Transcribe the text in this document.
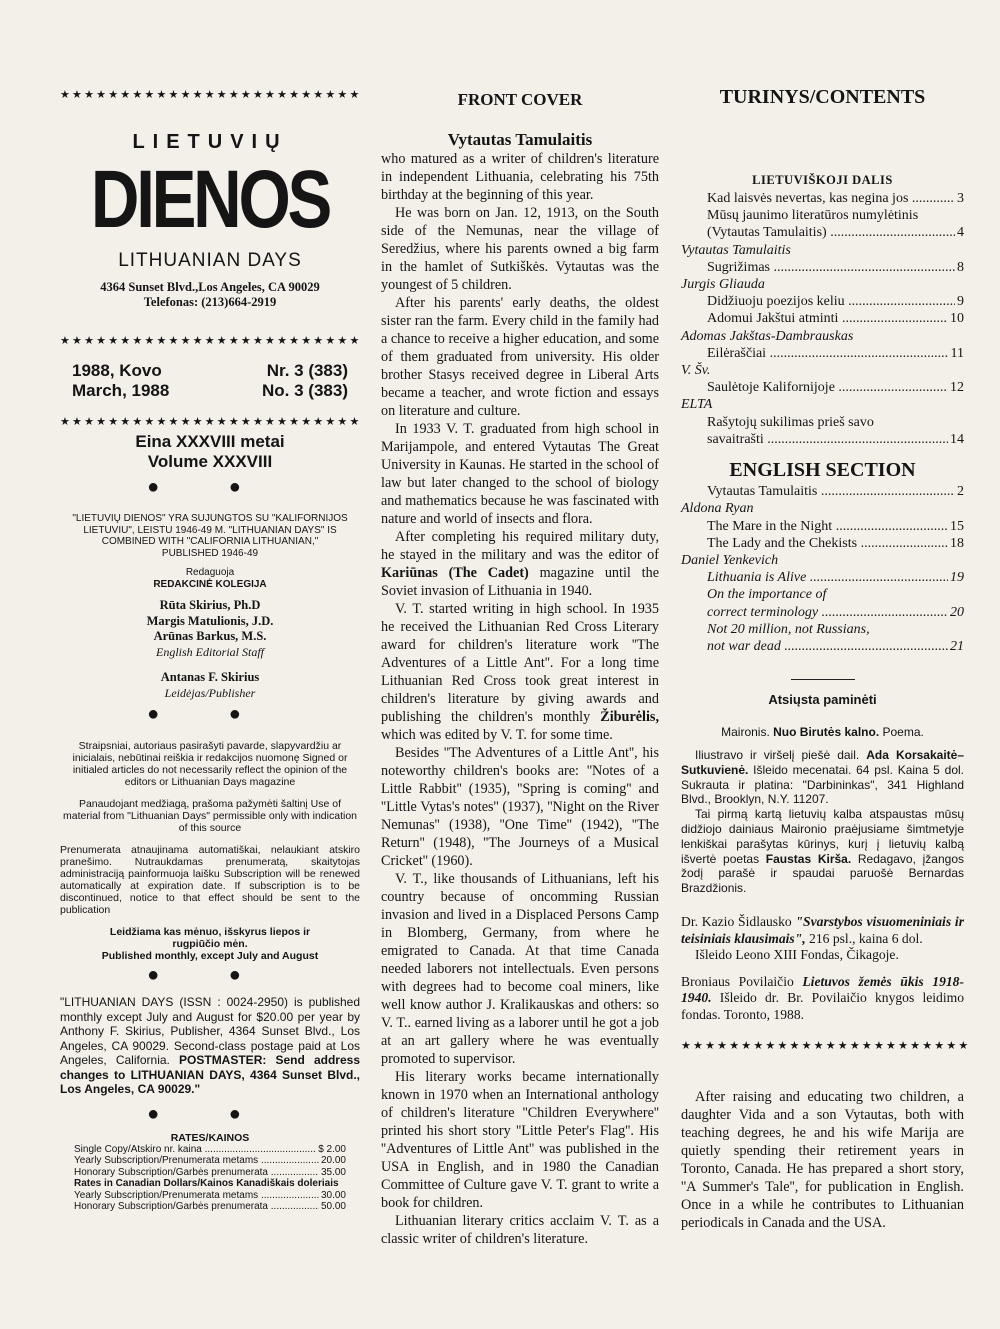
★★★★★★★★★★★★★★★★★★★★★★★★★
LIETUVIŲ
DIENOS
LITHUANIAN DAYS
4364 Sunset Blvd.,Los Angeles, CA 90029
Telefonas: (213)664-2919
★★★★★★★★★★★★★★★★★★★★★★★★★
1988, Kovo	Nr. 3 (383)
March, 1988	No. 3 (383)
★★★★★★★★★★★★★★★★★★★★★★★★★
Eina XXXVIII metai
Volume XXXVIII
● ●
"LIETUVIŲ DIENOS" YRA SUJUNGTOS SU "KALIFORNIJOS LIETUVIU", LEISTU 1946-49 M. "LITHUANIAN DAYS" IS COMBINED WITH "CALIFORNIA LITHUANIAN," PUBLISHED 1946-49
Redaguoja
REDAKCINĖ KOLEGIJA
Rūta Skirius, Ph.D
Margis Matulionis, J.D.
Arūnas Barkus, M.S.
English Editorial Staff
Antanas F. Skirius
Leidėjas/Publisher
● ●
Straipsniai, autoriaus pasirašyti pavarde, slapyvardžiu ar inicialais, nebūtinai reiškia ir redakcijos nuomonę Signed or initialed articles do not necessarily reflect the opinion of the editors or Lithuanian Days magazine
Panaudojant medžiagą, prašoma pažymėti šaltinį Use of material from "Lithuanian Days" permissible only with indication of this source
Prenumerata atnaujinama automatiškai, nelaukiant atskiro pranešimo. Nutraukdamas prenumeratą, skaitytojas administraciją painformuoja laišku Subscription will be renewed automatically at expiration date. If subscription is to be discontinued, notice to that effect should be sent to the publication
Leidžiama kas mėnuo, išskyrus liepos ir rugpiūčio mėn.
Published monthly, except July and August
● ●
"LITHUANIAN DAYS (ISSN : 0024-2950) is published monthly except July and August for $20.00 per year by Anthony F. Skirius, Publisher, 4364 Sunset Blvd., Los Angeles, CA 90029. Second-class postage paid at Los Angeles, California. POSTMASTER: Send address changes to LITHUANIAN DAYS, 4364 Sunset Blvd., Los Angeles, CA 90029."
● ●
RATES/KAINOS
Single Copy/Atskiro nr. kaina .....	$ 2.00
Yearly Subscription/Prenumerata metams .....	20.00
Honorary Subscription/Garbės prenumerata .....	35.00
Rates in Canadian Dollars/Kainos Kanadiškais doleriais
Yearly Subscription/Prenumerata metams .....	30.00
Honorary Subscription/Garbės prenumerata .....	50.00
FRONT COVER
Vytautas Tamulaitis

who matured as a writer of children's literature in independent Lithuania, celebrating his 75th birthday at the beginning of this year.

He was born on Jan. 12, 1913, on the South side of the Nemunas, near the village of Seredžius, where his parents owned a big farm in the hamlet of Sutkiškės. Vytautas was the youngest of 5 children.

After his parents' early deaths, the oldest sister ran the farm. Every child in the family had a chance to receive a higher education, and some of them graduated from university. His older brother Stasys received degree in Liberal Arts became a teacher, and wrote fiction and essays on literature and culture.

In 1933 V. T. graduated from high school in Marijampole, and entered Vytautas The Great University in Kaunas. He started in the school of law but later changed to the school of biology and mathematics because he was fascinated with nature and world of insects and flora.

After completing his required military duty, he stayed in the military and was the editor of Kariūnas (The Cadet) magazine until the Soviet invasion of Lithuania in 1940.

V. T. started writing in high school. In 1935 he received the Lithuanian Red Cross Literary award for children's literature work ''The Adventures of a Little Ant''. For a long time Lithuanian Red Cross took great interest in children's literature by giving awards and publishing the children's monthly Žiburėlis, which was edited by V. T. for some time.

Besides ''The Adventures of a Little Ant'', his noteworthy children's books are: ''Notes of a Little Rabbit'' (1935), ''Spring is coming'' and ''Little Vytas's notes'' (1937), ''Night on the River Nemunas'' (1938), ''One Time'' (1942), ''The Return'' (1948), ''The Journeys of a Musical Cricket'' (1960).

V. T., like thousands of Lithuanians, left his country because of oncomming Russian invasion and lived in a Displaced Persons Camp in Blomberg, Germany, from where he emigrated to Canada. At that time Canada needed laborers not intellectuals. Even persons with degrees had to become coal miners, like well know author J. Kralikauskas and others: so V. T.. earned living as a laborer until he got a job at an art gallery where he was eventually promoted to supervisor.

His literary works became internationally known in 1970 when an International anthology of children's literature ''Children Everywhere'' printed his short story ''Little Peter's Flag''. His ''Adventures of Little Ant'' was published in the USA in English, and in 1980 the Canadian Committee of Culture gave V. T. grant to write a book for children.

Lithuanian literary critics acclaim V. T. as a classic writer of children's literature.

TURINYS/CONTENTS
LIETUVIŠKOJI DALIS
Kad laisvės nevertas, kas negina jos .....	3
Mūsų jaunimo literatūros numylėtinis
(Vytautas Tamulaitis) .....	4
Vytautas Tamulaitis
Sugrižimas .....	8
Jurgis Gliauda
Didžiuoju poezijos keliu .....	9
Adomui Jakštui atminti .....	10
Adomas Jakštas-Dambrauskas
Eilėraščiai .....	11
V. Šv.
Saulėtoje Kalifornijoje .....	12
ELTA
Rašytojų sukilimas prieš savo
savaitrašti .....	14
ENGLISH SECTION
Vytautas Tamulaitis .....	2
Aldona Ryan
The Mare in the Night .....	15
The Lady and the Chekists .....	18
Daniel Yenkevich
Lithuania is Alive .....	19
On the importance of
correct terminology .....	20
Not 20 million, not Russians,
not war dead .....	21
Atsiųsta paminėti
Maironis. Nuo Birutės kalno. Poema.
Iliustravo ir viršelį piešė dail. Ada Korsakaitė–Sutkuvienė. Išleido mecenatai. 64 psl. Kaina 5 dol. Sukrauta ir platina: "Darbininkas", 341 Highland Blvd., Brooklyn, N.Y. 11207.
Tai pirmą kartą lietuvių kalba atspaustas mūsų didžiojo dainiaus Maironio praėjusiame šimtmetyje lenkiškai parašytas kūrinys, kurį į lietuvių kalbą išvertė poetas Faustas Kirša. Redagavo, įžangos žodį parašė ir spaudai paruošė Bernardas Brazdžionis.
Dr. Kazio Šidlausko "Svarstybos visuomeniniais ir teisiniais klausimais", 216 psl., kaina 6 dol.
Išleido Leono XIII Fondas, Čikagoje.
Broniaus Povilaičio Lietuvos žemės ūkis 1918-1940. Išleido dr. Br. Povilaičio knygos leidimo fondas. Toronto, 1988.
★★★★★★★★★★★★★★★★★★★★★★★★

After raising and educating two children, a daughter Vida and a son Vytautas, both with teaching degrees, he and his wife Marija are quietly spending their retirement years in Toronto, Canada. He has prepared a short story, ''A Summer's Tale'', for publication in English. Once in a while he contributes to Lithuanian periodicals in Canada and the USA.
